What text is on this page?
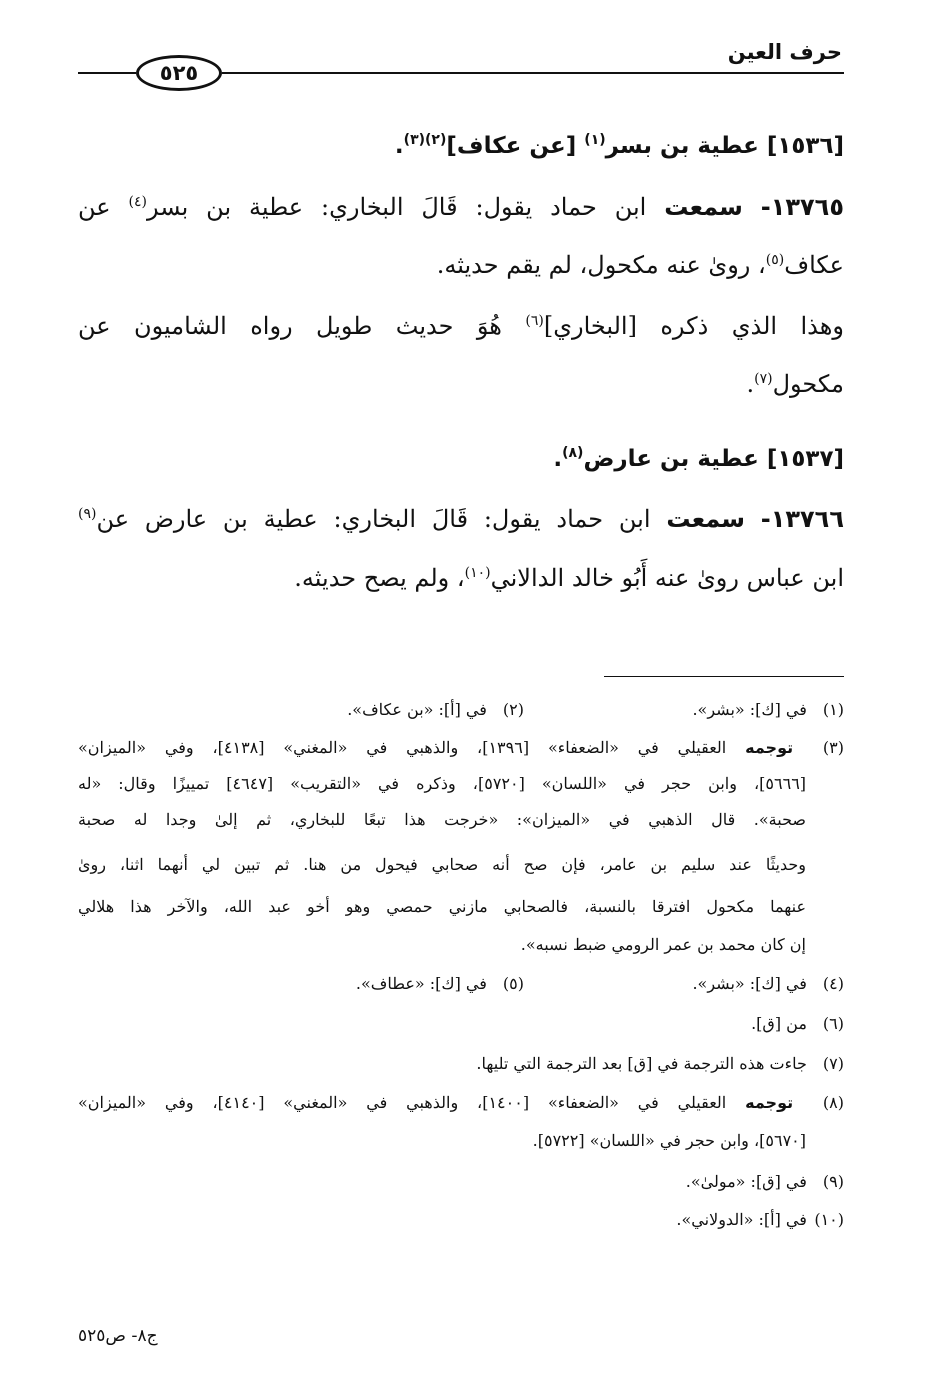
حرف العين
٥٢٥
[١٥٣٦] عطية بن بسر$^{(١)}$ [عن عكاف]$^{(٢)(٣)}$.
١٣٧٦٥- سمعت ابن حماد يقول: قَالَ البخاري: عطية بن بسر$^{(٤)}$ عن
عكاف$^{(٥)}$، رویٰ عنه مكحول، لم يقم حديثه.
وهذا الذي ذكره [البخاري]$^{(٦)}$ هُوَ حديث طويل رواه الشاميون عن
مكحول$^{(٧)}$.
[١٥٣٧] عطية بن عارض$^{(٨)}$.
١٣٧٦٦- سمعت ابن حماد يقول: قَالَ البخاري: عطية بن عارض عن$^{(٩)}$
ابن عباس رویٰ عنه أَبُو خالد الدالاني$^{(١٠)}$، ولم يصح حديثه.
(١) في [ك]: «بشر».
(٢) في [أ]: «بن عكاف».
(٣) توجمه العقيلي في «الضعفاء» [١٣٩٦]، والذهبي في «المغني» [٤١٣٨]، وفي «الميزان»
[٥٦٦٦]، وابن حجر في «اللسان» [٥٧٢٠]، وذكره في «التقريب» [٤٦٤٧] تمييزًا وقال: «له
صحبة». قال الذهبي في «الميزان»: «خرجت هذا تبعًا للبخاري، ثم إلىٰ وجدا له صحبة
وحديثًا عند سليم بن عامر، فإن صح أنه صحابي فيحول من هنا. ثم تبين لي أنهما اثنا، رویٰ
عنهما مكحول افترقا بالنسبة، فالصحابي مازني حمصي وهو أخو عبد الله، والآخر هذا هلالي
إن كان محمد بن عمر الرومي ضبط نسبه».
(٤) في [ك]: «بشر».
(٥) في [ك]: «عطاف».
(٦) من [ق].
(٧) جاءت هذه الترجمة في [ق] بعد الترجمة التي تليها.
(٨) توجمه العقيلي في «الضعفاء» [١٤٠٠]، والذهبي في «المغني» [٤١٤٠]، وفي «الميزان»
[٥٦٧٠]، وابن حجر في «اللسان» [٥٧٢٢].
(٩) في [ق]: «مولىٰ».
(١٠) في [أ]: «الدولاني».
ج٨- ص٥٢٥
